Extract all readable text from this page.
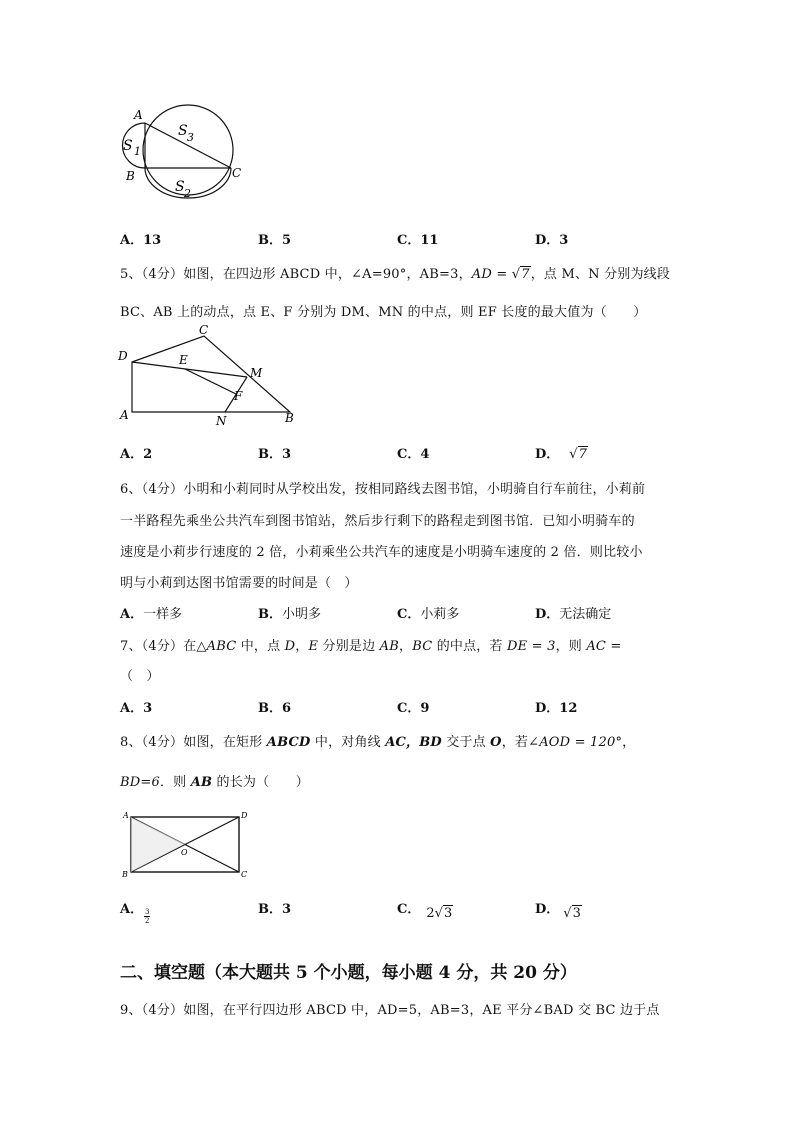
A
B	C
S 1
S 3
S 2
A．13	B．5	C．11	D．3
5、（4分）如图，在四边形 ABCD 中，∠A=90°，AB=3，AD = √7，点 M、N 分别为线段
BC、AB 上的动点，点 E、F 分别为 DM、MN 的中点，则 EF 长度的最大值为（　　）
D
C
E
M
F
A	N	B
A．2	B．3	C．4	D． √7
6、（4分）小明和小莉同时从学校出发，按相同路线去图书馆，小明骑自行车前往，小莉前
一半路程先乘坐公共汽车到图书馆站，然后步行剩下的路程走到图书馆．已知小明骑车的
速度是小莉步行速度的 2 倍，小莉乘坐公共汽车的速度是小明骑车速度的 2 倍．则比较小
明与小莉到达图书馆需要的时间是（　）
A．一样多	B．小明多	C．小莉多	D．无法确定
7、（4分）在△ABC 中，点 D，E 分别是边 AB，BC 的中点，若 DE = 3，则 AC =
（　）
A．3	B．6	C．9	D．12
8、（4分）如图，在矩形 ABCD 中，对角线 AC，BD 交于点 O，若∠AOD = 120°，
BD=6．则 AB 的长为（　　）
A	D
B	C
O
A． 3
2
B．3	C． 2√3	D． √3
二、填空题（本大题共 5 个小题，每小题 4 分，共 20 分）
9、（4分）如图，在平行四边形 ABCD 中，AD=5，AB=3，AE 平分∠BAD 交 BC 边于点
